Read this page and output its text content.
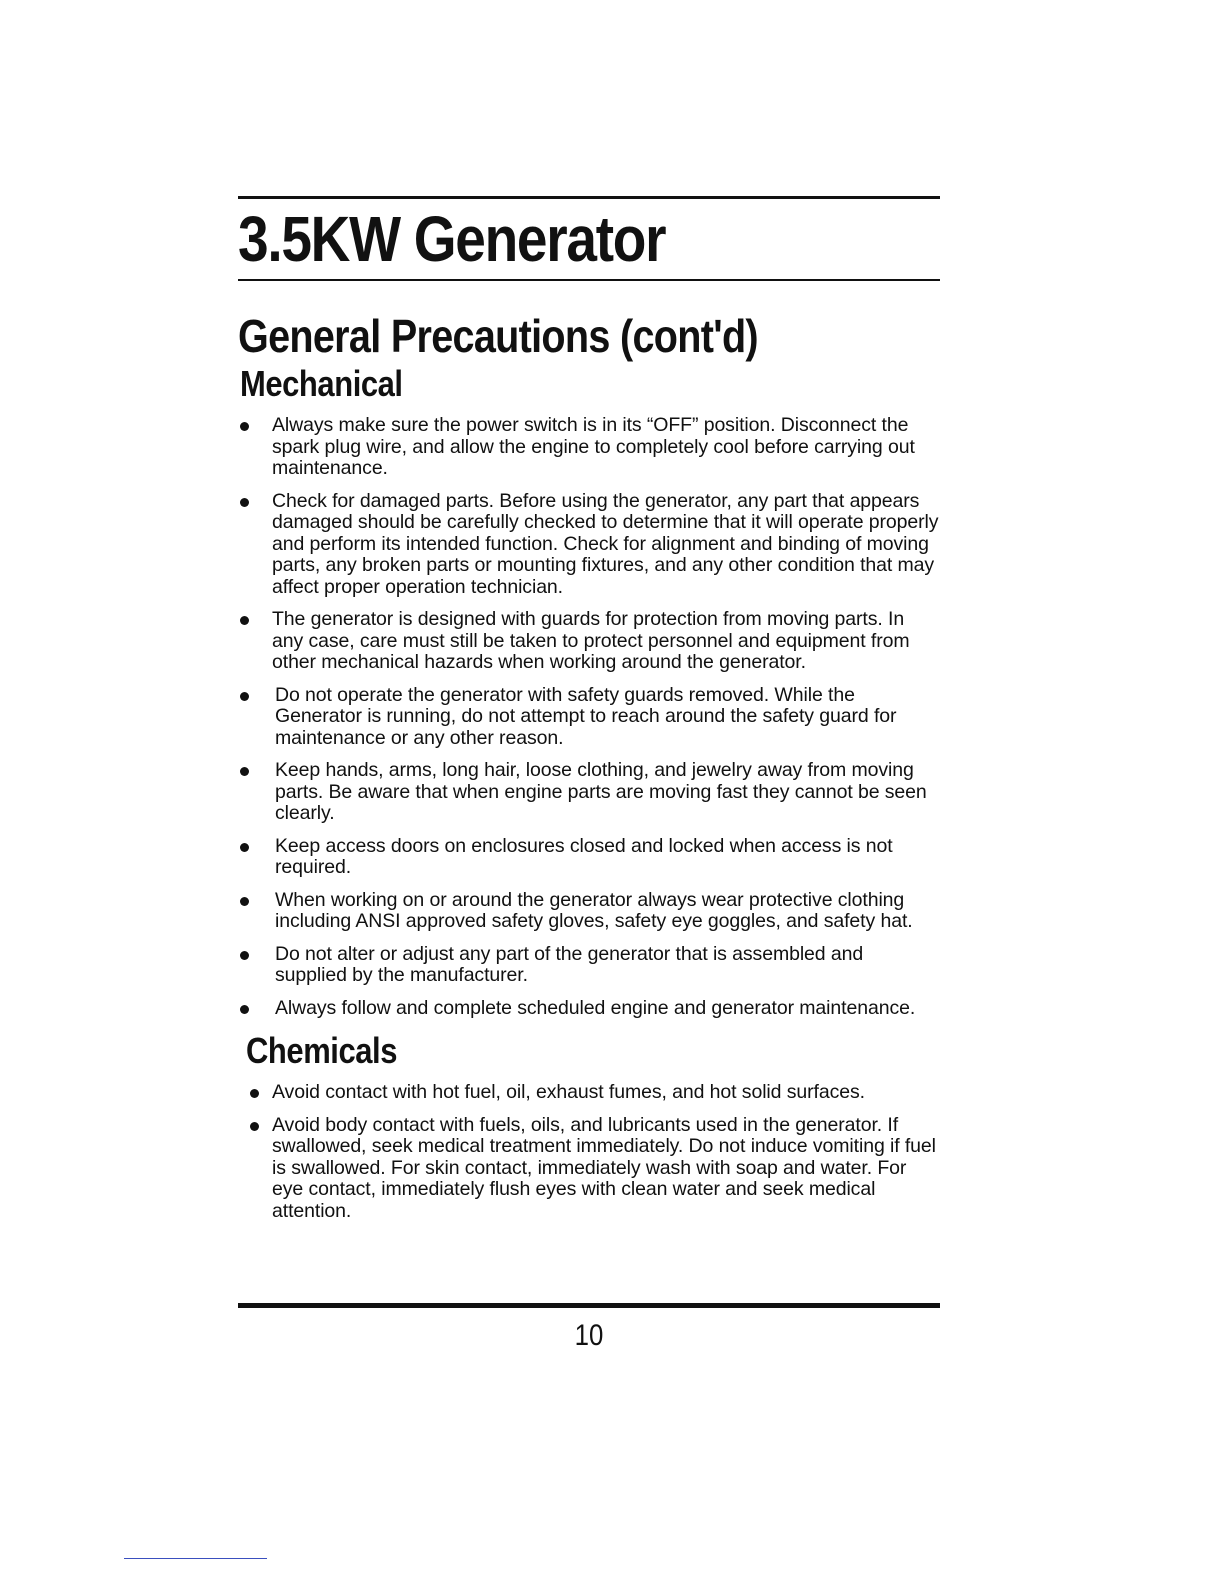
3.5KW Generator
General Precautions (cont'd)
Mechanical
Always make sure the power switch is in its “OFF” position. Disconnect the spark plug wire, and allow the engine to completely cool before carrying out maintenance.
Check for damaged parts. Before using the generator, any part that appears damaged should be carefully checked to determine that it will operate properly and perform its intended function. Check for alignment and binding of moving parts, any broken parts or mounting fixtures, and any other condition that may affect proper operation technician.
The generator is designed with guards for protection from moving parts. In any case, care must still be taken to protect personnel and equipment from other mechanical hazards when working around the generator.
Do not operate the generator with safety guards removed. While the Generator is running, do not attempt to reach around the safety guard for maintenance or any other reason.
Keep hands, arms, long hair, loose clothing, and jewelry away from moving parts. Be aware that when engine parts are moving fast they cannot be seen clearly.
Keep access doors on enclosures closed and locked when access is not required.
When working on or around the generator always wear protective clothing including ANSI approved safety gloves, safety eye goggles, and safety hat.
Do not alter or adjust any part of the generator that is assembled and supplied by the manufacturer.
Always follow and complete scheduled engine and generator maintenance.
Chemicals
Avoid contact with hot fuel, oil, exhaust fumes, and hot solid surfaces.
Avoid body contact with fuels, oils, and lubricants used in the generator. If swallowed, seek medical treatment immediately. Do not induce vomiting if fuel is swallowed. For skin contact, immediately wash with soap and water. For eye contact, immediately flush eyes with clean water and seek medical attention.
10
